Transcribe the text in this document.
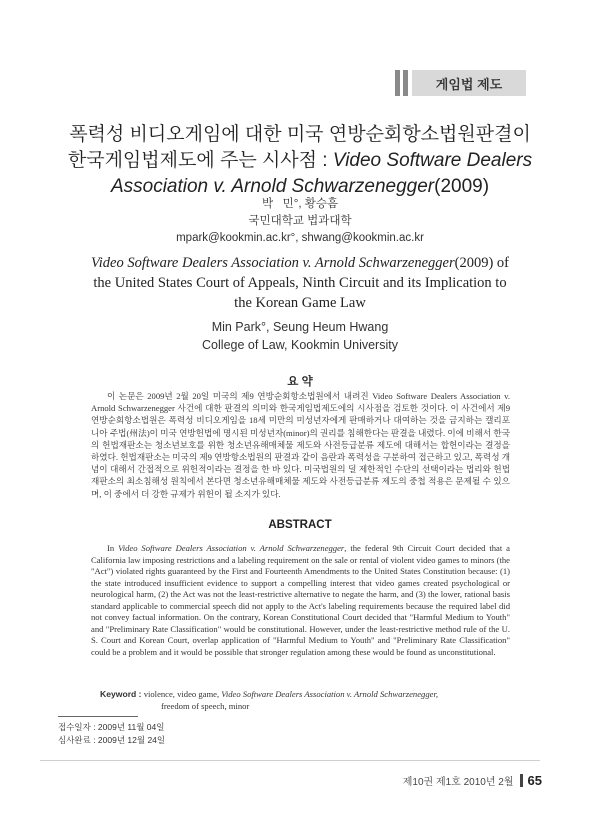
게임법 제도
폭력성 비디오게임에 대한 미국 연방순회항소법원판결이
한국게임법제도에 주는 시사점 : Video Software Dealers
Association v. Arnold Schwarzenegger(2009)
박   민°, 황승흠
국민대학교 법과대학
mpark@kookmin.ac.kr°, shwang@kookmin.ac.kr
Video Software Dealers Association v. Arnold Schwarzenegger(2009) of
the United States Court of Appeals, Ninth Circuit and its Implication to
the Korean Game Law
Min Park°, Seung Heum Hwang
College of Law, Kookmin University
요 약
이 논문은 2009년 2월 20일 미국의 제9 연방순회항소법원에서 내려진 Video Software Dealers Association v. Arnold Schwarzenegger 사건에 대한 판결의 의미와 한국게임법제도에의 시사점을 검토한 것이다. 이 사건에서 제9 연방순회항소법원은 폭력성 비디오게임을 18세 미만의 미성년자에게 판매하거나 대여하는 것을 금지하는 캘리포니아 주법(州法)이 미국 연방헌법에 명시된 미성년자(minor)의 권리를 침해한다는 판결을 내렸다. 이에 비해서 한국의 헌법재판소는 청소년보호를 위한 청소년유해매체물 제도와 사전등급분류 제도에 대해서는 합헌이라는 결정을 하였다. 헌법재판소는 미국의 제9 연방항소법원의 판결과 같이 음란과 폭력성을 구분하여 접근하고 있고, 폭력성 개념이 대해서 간접적으로 위헌적이라는 결정을 한 바 있다. 미국법원의 덜 제한적인 수단의 선택이라는 법리와 헌법재판소의 최소침해성 원칙에서 본다면 청소년유해매체물 제도와 사전등급분류 제도의 중첩 적용은 문제될 수 있으며, 이 중에서 더 강한 규제가 위헌이 될 소지가 있다.
ABSTRACT
In Video Software Dealers Association v. Arnold Schwarzenegger, the federal 9th Circuit Court decided that a California law imposing restrictions and a labeling requirement on the sale or rental of violent video games to minors (the "Act") violated rights guaranteed by the First and Fourteenth Amendments to the United States Constitution because: (1) the state introduced insufficient evidence to support a compelling interest that video games created psychological or neurological harm, (2) the Act was not the least-restrictive alternative to negate the harm, and (3) the lower, rational basis standard applicable to commercial speech did not apply to the Act's labeling requirements because the required label did not convey factual information. On the contrary, Korean Constitutional Court decided that "Harmful Medium to Youth" and "Preliminary Rate Classification" would be constitutional. However, under the least-restrictive method rule of the U. S. Court and Korean Court, overlap application of "Harmful Medium to Youth" and "Preliminary Rate Classification" could be a problem and it would be possible that stronger regulation among these would be found as unconstitutional.
Keyword : violence, video game, Video Software Dealers Association v. Arnold Schwarzenegger,
freedom of speech, minor
접수일자 : 2009년 11월 04일
심사완료 : 2009년 12월 24일
제10권 제1호 2010년 2월 65
